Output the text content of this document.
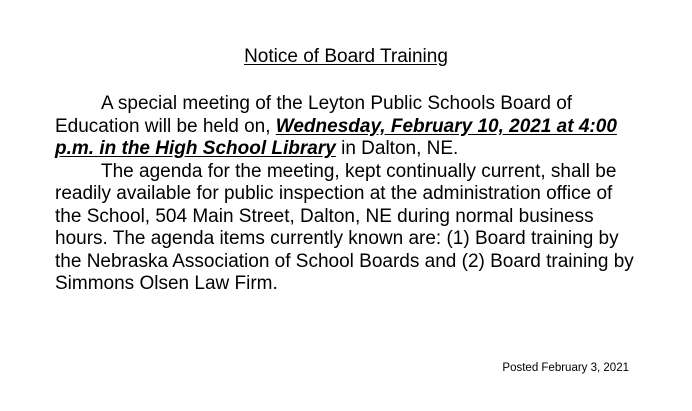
Notice of Board Training

A special meeting of the Leyton Public Schools Board of Education will be held on, Wednesday, February 10, 2021 at 4:00 p.m. in the High School Library in Dalton, NE.

The agenda for the meeting, kept continually current, shall be readily available for public inspection at the administration office of the School, 504 Main Street, Dalton, NE during normal business hours. The agenda items currently known are: (1) Board training by the Nebraska Association of School Boards and (2) Board training by Simmons Olsen Law Firm.

Posted February 3, 2021
